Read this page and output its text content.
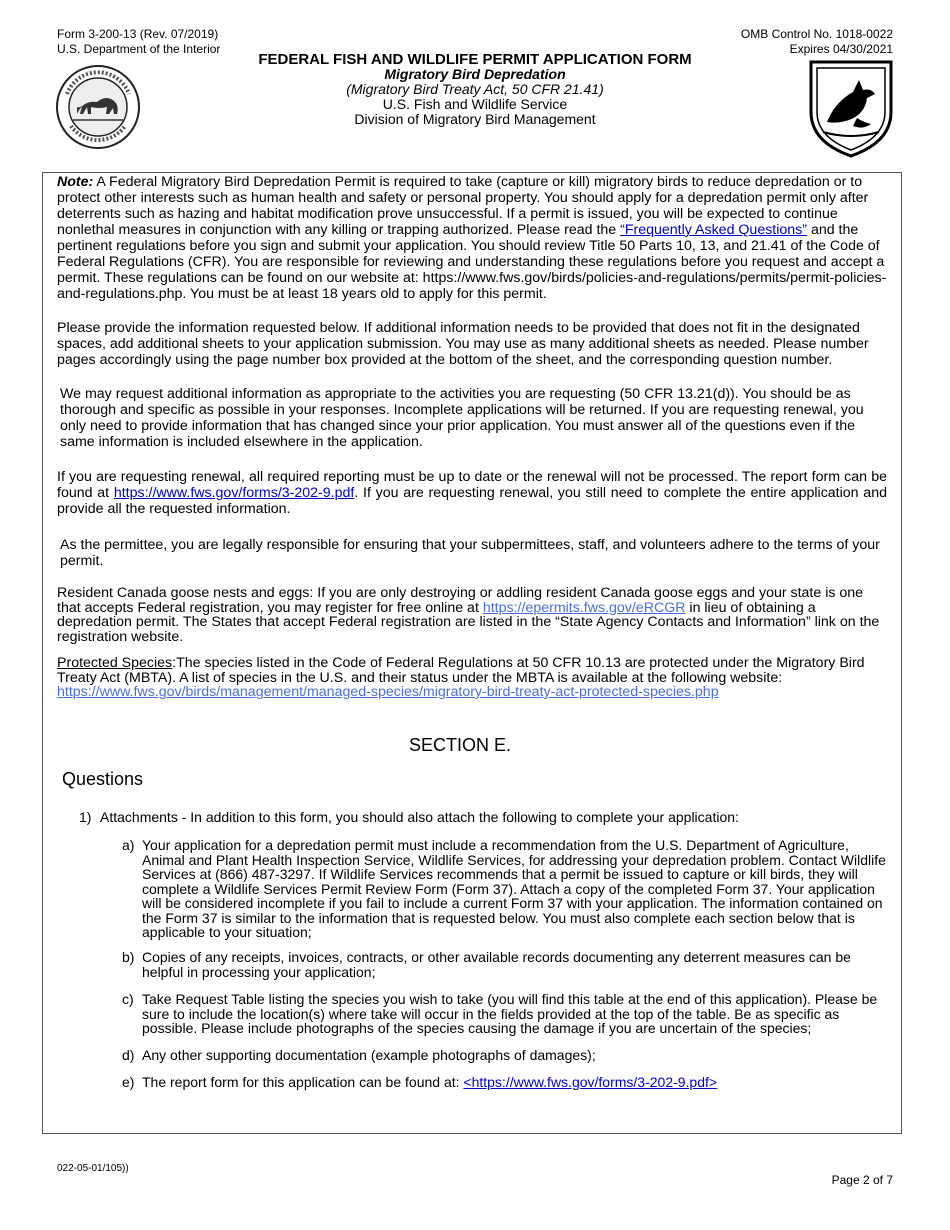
Form 3-200-13 (Rev. 07/2019)
U.S. Department of the Interior
OMB Control No. 1018-0022
Expires 04/30/2021
FEDERAL FISH AND WILDLIFE PERMIT APPLICATION FORM
Migratory Bird Depredation
(Migratory Bird Treaty Act, 50 CFR 21.41)
U.S. Fish and Wildlife Service
Division of Migratory Bird Management
Note: A Federal Migratory Bird Depredation Permit is required to take (capture or kill) migratory birds to reduce depredation or to protect other interests such as human health and safety or personal property. You should apply for a depredation permit only after deterrents such as hazing and habitat modification prove unsuccessful. If a permit is issued, you will be expected to continue nonlethal measures in conjunction with any killing or trapping authorized. Please read the “Frequently Asked Questions” and the pertinent regulations before you sign and submit your application. You should review Title 50 Parts 10, 13, and 21.41 of the Code of Federal Regulations (CFR). You are responsible for reviewing and understanding these regulations before you request and accept a permit. These regulations can be found on our website at: https://www.fws.gov/birds/policies-and-regulations/permits/permit-policies-and-regulations.php. You must be at least 18 years old to apply for this permit.
Please provide the information requested below. If additional information needs to be provided that does not fit in the designated spaces, add additional sheets to your application submission. You may use as many additional sheets as needed. Please number pages accordingly using the page number box provided at the bottom of the sheet, and the corresponding question number.
We may request additional information as appropriate to the activities you are requesting (50 CFR 13.21(d)). You should be as thorough and specific as possible in your responses. Incomplete applications will be returned. If you are requesting renewal, you only need to provide information that has changed since your prior application. You must answer all of the questions even if the same information is included elsewhere in the application.
If you are requesting renewal, all required reporting must be up to date or the renewal will not be processed. The report form can be found at https://www.fws.gov/forms/3-202-9.pdf. If you are requesting renewal, you still need to complete the entire application and provide all the requested information.
As the permittee, you are legally responsible for ensuring that your subpermittees, staff, and volunteers adhere to the terms of your permit.
Resident Canada goose nests and eggs: If you are only destroying or addling resident Canada goose eggs and your state is one that accepts Federal registration, you may register for free online at https://epermits.fws.gov/eRCGR in lieu of obtaining a depredation permit. The States that accept Federal registration are listed in the “State Agency Contacts and Information” link on the registration website.
Protected Species:The species listed in the Code of Federal Regulations at 50 CFR 10.13 are protected under the Migratory Bird Treaty Act (MBTA). A list of species in the U.S. and their status under the MBTA is available at the following website:
https://www.fws.gov/birds/management/managed-species/migratory-bird-treaty-act-protected-species.php
SECTION E.
Questions
1) Attachments - In addition to this form, you should also attach the following to complete your application:
a) Your application for a depredation permit must include a recommendation from the U.S. Department of Agriculture, Animal and Plant Health Inspection Service, Wildlife Services, for addressing your depredation problem. Contact Wildlife Services at (866) 487-3297. If Wildlife Services recommends that a permit be issued to capture or kill birds, they will complete a Wildlife Services Permit Review Form (Form 37). Attach a copy of the completed Form 37. Your application will be considered incomplete if you fail to include a current Form 37 with your application. The information contained on the Form 37 is similar to the information that is requested below. You must also complete each section below that is applicable to your situation;
b) Copies of any receipts, invoices, contracts, or other available records documenting any deterrent measures can be helpful in processing your application;
c) Take Request Table listing the species you wish to take (you will find this table at the end of this application). Please be sure to include the location(s) where take will occur in the fields provided at the top of the table. Be as specific as possible. Please include photographs of the species causing the damage if you are uncertain of the species;
d) Any other supporting documentation (example photographs of damages);
e) The report form for this application can be found at: <https://www.fws.gov/forms/3-202-9.pdf>
022-05-01/105))
Page 2 of 7
